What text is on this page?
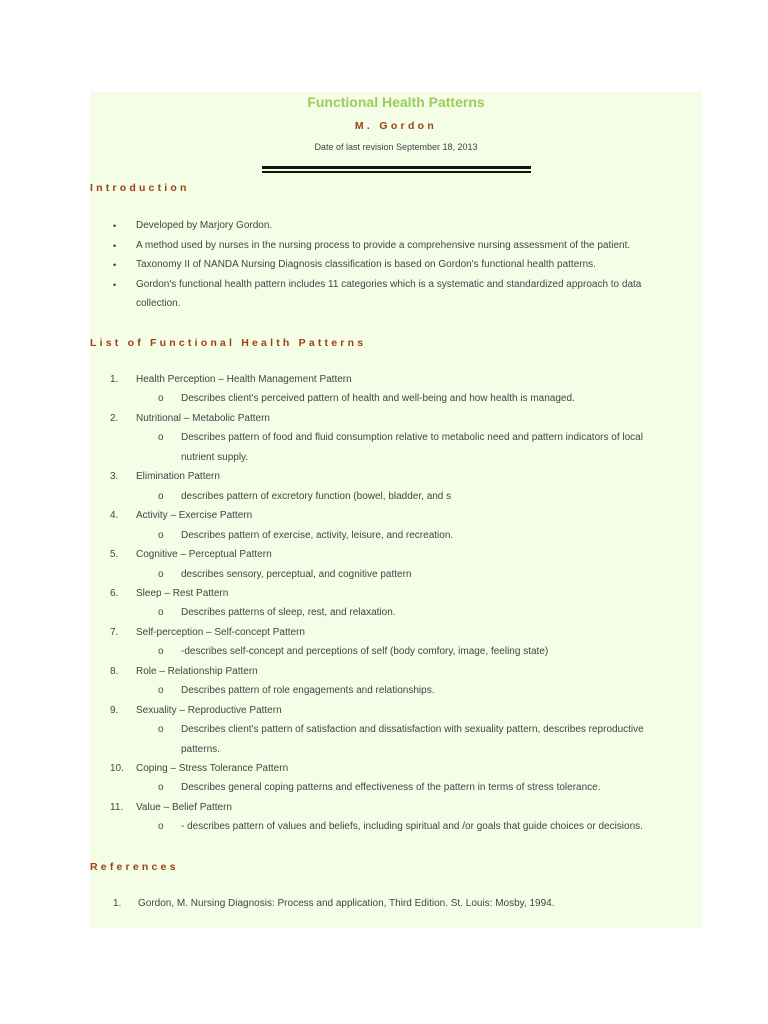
Functional Health Patterns
M. Gordon
Date of last revision September 18, 2013
Introduction
• Developed by Marjory Gordon.
• A method used by nurses in the nursing process to provide a comprehensive nursing assessment of the patient.
• Taxonomy II of NANDA Nursing Diagnosis classification is based on Gordon's functional health patterns.
• Gordon's functional health pattern includes 11 categories which is a systematic and standardized approach to data
collection.
List of Functional Health Patterns
1. Health Perception – Health Management Pattern
o Describes client's perceived pattern of health and well-being and how health is managed.
2. Nutritional – Metabolic Pattern
o Describes pattern of food and fluid consumption relative to metabolic need and pattern indicators of local
nutrient supply.
3. Elimination Pattern
o describes pattern of excretory function (bowel, bladder, and s
4. Activity – Exercise Pattern
o Describes pattern of exercise, activity, leisure, and recreation.
5. Cognitive – Perceptual Pattern
o describes sensory, perceptual, and cognitive pattern
6. Sleep – Rest Pattern
o Describes patterns of sleep, rest, and relaxation.
7. Self-perception – Self-concept Pattern
o -describes self-concept and perceptions of self (body comfory, image, feeling state)
8. Role – Relationship Pattern
o Describes pattern of role engagements and relationships.
9. Sexuality – Reproductive Pattern
o Describes client's pattern of satisfaction and dissatisfaction with sexuality pattern, describes reproductive
patterns.
10. Coping – Stress Tolerance Pattern
o Describes general coping patterns and effectiveness of the pattern in terms of stress tolerance.
11. Value – Belief Pattern
o - describes pattern of values and beliefs, including spiritual and /or goals that guide choices or decisions.
References
1. Gordon, M. Nursing Diagnosis: Process and application, Third Edition. St. Louis: Mosby, 1994.
